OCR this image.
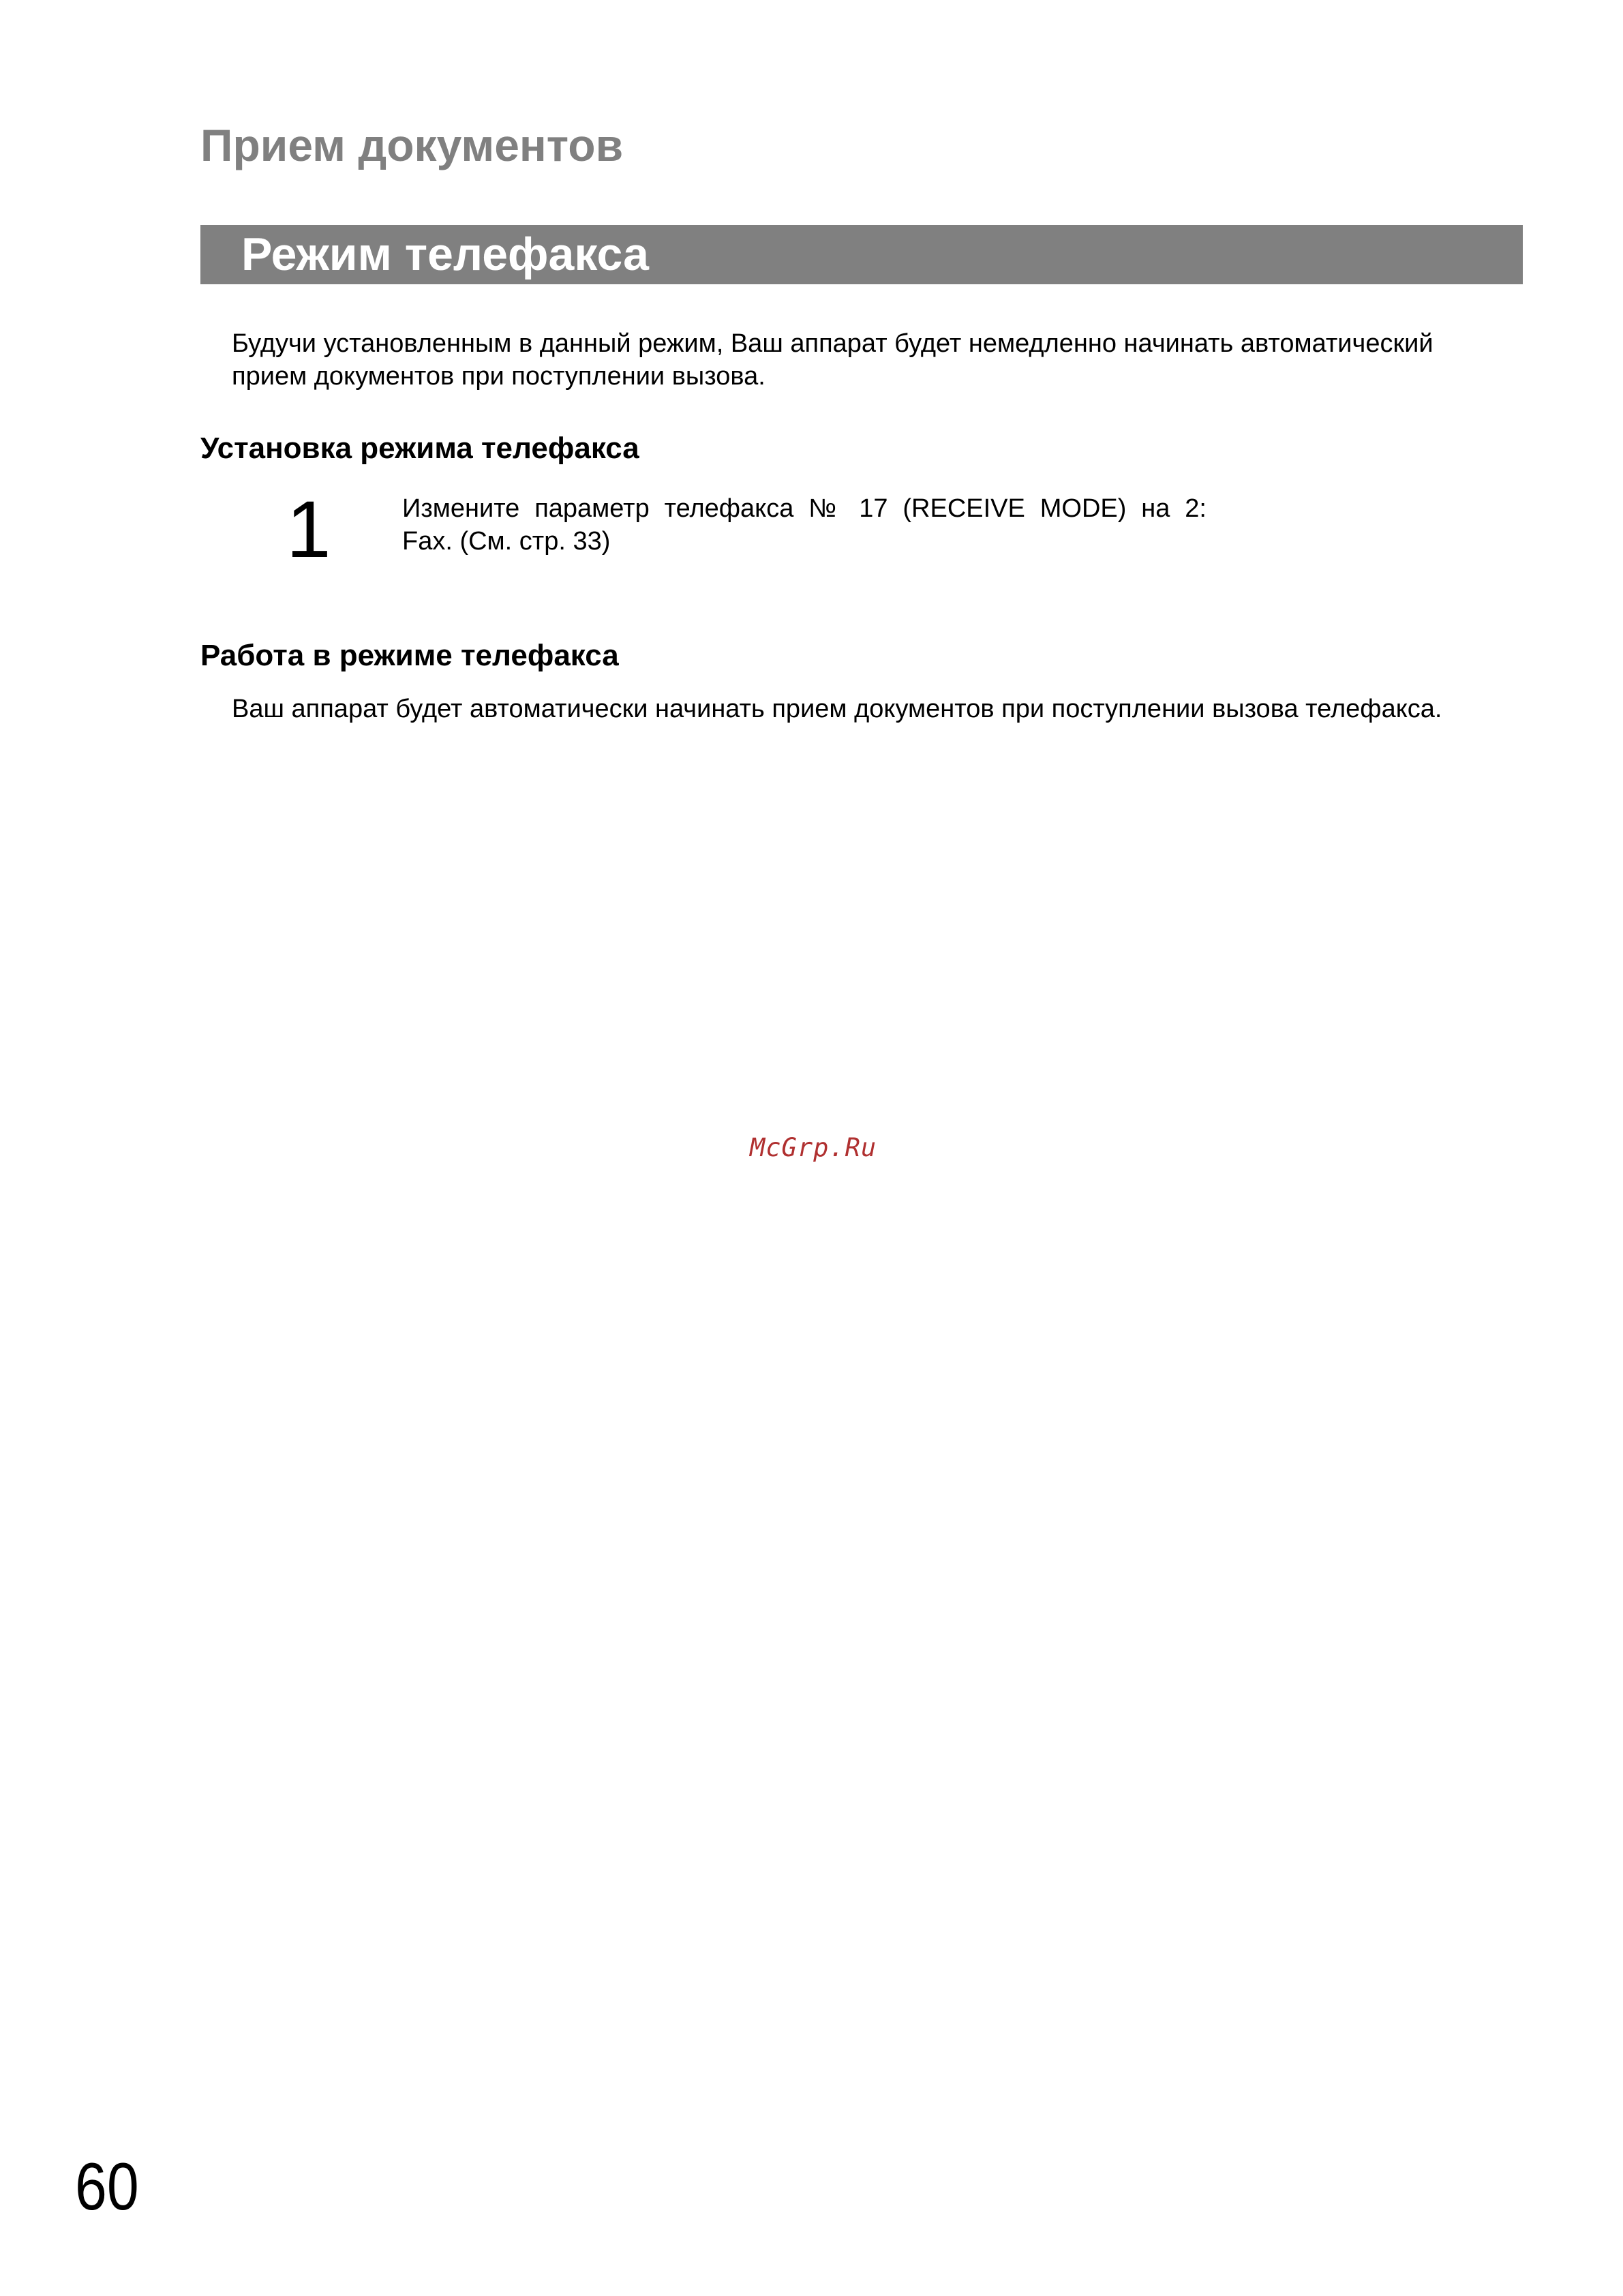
Прием документов
Режим телефакса

Будучи установленным в данный режим, Ваш аппарат будет немедленно начинать автоматический
прием документов при поступлении вызова.

Установка режима телефакса
1	Измените параметр телефакса № 17 (RECEIVE MODE) на 2:
Fax. (См. стр. 33)

Работа в режиме телефакса

Ваш аппарат будет автоматически начинать прием документов при поступлении вызова телефакса.

McGrp.Ru
60
